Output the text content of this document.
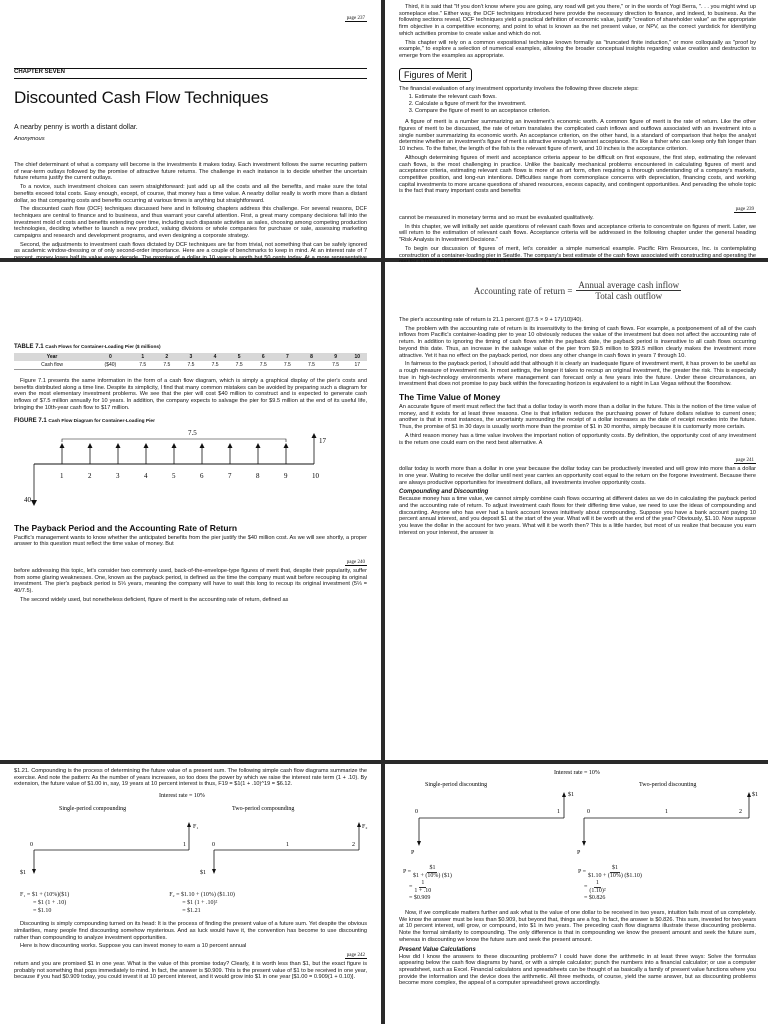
page 237
CHAPTER SEVEN
Discounted Cash Flow Techniques
A nearby penny is worth a distant dollar.
Anonymous

The chief determinant of what a company will become is the investments it makes today. Each investment follows the same recurring pattern of near-term outlays followed by the promise of attractive future returns. The challenge in each instance is to decide whether the uncertain future returns justify the current outlays.

To a novice, such investment choices can seem straightforward: just add up all the costs and all the benefits, and make sure the total benefits exceed total costs. Easy enough, except, of course, that money has a time value. A nearby dollar really is worth more than a distant dollar, so that comparing costs and benefits occurring at various times is anything but straightforward.

The discounted cash flow (DCF) techniques discussed here and in following chapters address this challenge. For several reasons, DCF techniques are central to finance and to business, and thus warrant your careful attention. First, a great many company decisions fall into the investment mold of costs and benefits extending over time, including such disparate activities as sales, choosing among competing production technologies, deciding whether to launch a new product, valuing divisions or whole companies for purchase or sale, assessing marketing campaigns and research and development programs, and even designing a corporate strategy.

Second, the adjustments to investment cash flows dictated by DCF techniques are far from trivial, not something that can be safely ignored as academic window-dressing or of only second-order importance. Here are a couple of benchmarks to keep in mind. At an interest rate of 7 percent, money loses half its value every decade. The promise of a dollar in 10 years is worth but 50 cents today. At a more representative

Third, it is said that "If you don't know where you are going, any road will get you there," or in the words of Yogi Berra, ". . . you might wind up someplace else." Either way, the DCF techniques introduced here provide the necessary direction to finance, and indeed, to business. As the following sections reveal, DCF techniques yield a practical definition of economic value, justify "creation of shareholder value" as the appropriate firm objective in a competitive economy, and point to what is known as the net present value, or NPV, as the correct yardstick for identifying which activities promise to create value and which do not.

This chapter will rely on a common expositional technique known formally as "truncated finite induction," or more colloquially as "proof by example," to explore a selection of numerical examples, allowing the broader conceptual insights regarding value creation and destruction to emerge from the examples as appropriate.

Figures of Merit

The financial evaluation of any investment opportunity involves the following three discrete steps:

1. Estimate the relevant cash flows.
2. Calculate a figure of merit for the investment.
3. Compare the figure of merit to an acceptance criterion.

A figure of merit is a number summarizing an investment's economic worth. A common figure of merit is the rate of return. Like the other figures of merit to be discussed, the rate of return translates the complicated cash inflows and outflows associated with an investment into a single number summarizing its economic worth. An acceptance criterion, on the other hand, is a standard of comparison that helps the analyst determine whether an investment's figure of merit is attractive enough to warrant acceptance. It's like a fisher who can keep only fish longer than 10 inches. To the fisher, the length of the fish is the relevant figure of merit, and 10 inches is the acceptance criterion.

Although determining figures of merit and acceptance criteria appear to be difficult on first exposure, the first step, estimating the relevant cash flows, is the most challenging in practice. Unlike the basically mechanical problems encountered in calculating figures of merit and acceptance criteria, estimating relevant cash flows is more of an art form, often requiring a thorough understanding of a company's markets, competitive position, and long-run intentions. Difficulties range from commonplace concerns with depreciation, financing costs, and working capital investments to more arcane questions of shared resources, excess capacity, and contingent opportunities. And pervading the whole topic is the fact that many important costs and benefits

page 239

cannot be measured in monetary terms and so must be evaluated qualitatively.

In this chapter, we will initially set aside questions of relevant cash flows and acceptance criteria to concentrate on figures of merit. Later, we will return to the estimation of relevant cash flows. Acceptance criteria will be addressed in the following chapter under the general heading "Risk Analysis in Investment Decisions."

To begin our discussion of figures of merit, let's consider a simple numerical example. Pacific Rim Resources, Inc. is contemplating construction of a container-loading pier in Seattle. The company's best estimate of the cash flows associated with constructing and operating the

TABLE 7.1 Cash Flows for Container-Loading Pier ($ millions)
Year	0	1	2	3	4	5	6	7	8	9	10
Cash flow	($40)	7.5	7.5	7.5	7.5	7.5	7.5	7.5	7.5	7.5	17

Figure 7.1 presents the same information in the form of a cash flow diagram, which is simply a graphical display of the pier's costs and benefits distributed along a time line. Despite its simplicity, I find that many common mistakes can be avoided by preparing such a diagram for even the most elementary investment problems. We see that the pier will cost $40 million to construct and is expected to generate cash inflows of $7.5 million annually for 10 years. In addition, the company expects to salvage the pier for $9.5 million at the end of its useful life, bringing the 10th-year cash flow to $17 million.

FIGURE 7.1 Cash Flow Diagram for Container-Loading Pier
40
7.5
17
1	2	3	4	5	6	7	8	9	10
The Payback Period and the Accounting Rate of Return

Pacific's management wants to know whether the anticipated benefits from the pier justify the $40 million cost. As we will see shortly, a proper answer to this question must reflect the time value of money. But

page 240

before addressing this topic, let's consider two commonly used, back-of-the-envelope-type figures of merit that, despite their popularity, suffer from some glaring weaknesses. One, known as the payback period, is defined as the time the company must wait before recouping its original investment. The pier's payback period is 5⅓ years, meaning the company will have to wait this long to recoup its original investment (5⅓ = 40/7.5).

The second widely used, but nonetheless deficient, figure of merit is the accounting rate of return, defined as

Accounting rate of return = $\frac{\text{Annual average cash inflow}}{\text{Total cash outflow}}$

The pier's accounting rate of return is 21.1 percent ([(7.5 × 9 + 17)/10]/40).

The problem with the accounting rate of return is its insensitivity to the timing of cash flows. For example, a postponement of all of the cash inflows from Pacific's container-loading pier to year 10 obviously reduces the value of the investment but does not affect the accounting rate of return. In addition to ignoring the timing of cash flows within the payback date, the payback period is insensitive to all cash flows occurring beyond this date. Thus, an increase in the salvage value of the pier from $9.5 million to $99.5 million clearly makes the investment more attractive. Yet it has no effect on the payback period, nor does any other change in cash flows in years 7 through 10.

In fairness to the payback period, I should add that although it is clearly an inadequate figure of investment merit, it has proven to be useful as a rough measure of investment risk. In most settings, the longer it takes to recoup an original investment, the greater the risk. This is especially true in high-technology environments where management can forecast only a few years into the future. Under these circumstances, an investment that does not promise to pay back within the forecasting horizon is equivalent to a night in Las Vegas without the floorshow.

The Time Value of Money

An accurate figure of merit must reflect the fact that a dollar today is worth more than a dollar in the future. This is the notion of the time value of money, and it exists for at least three reasons. One is that inflation reduces the purchasing power of future dollars relative to current ones; another is that in most instances, the uncertainty surrounding the receipt of a dollar increases as the date of receipt recedes into the future. Thus, the promise of $1 in 30 days is usually worth more than the promise of $1 in 30 months, simply because it is customarily more certain.

A third reason money has a time value involves the important notion of opportunity costs. By definition, the opportunity cost of any investment is the return one could earn on the next best alternative. A

page 241

dollar today is worth more than a dollar in one year because the dollar today can be productively invested and will grow into more than a dollar in one year. Waiting to receive the dollar until next year carries an opportunity cost equal to the return on the forgone investment. Because there are always productive opportunities for investment dollars, all investments involve opportunity costs.

Compounding and Discounting

Because money has a time value, we cannot simply combine cash flows occurring at different dates as we do in calculating the payback period and the accounting rate of return. To adjust investment cash flows for their differing time value, we need to use the ideas of compounding and discounting. Anyone who has ever had a bank account knows intuitively about compounding. Suppose you have a bank account paying 10 percent annual interest, and you deposit $1 at the start of the year. What will it be worth at the end of the year? Obviously, $1.10. Now suppose you leave the dollar in the account for two years. What will it be worth then? This is a little harder, but most of us realize that because you earn interest on your interest, the answer is

$1.21. Compounding is the process of determining the future value of a present sum. The following simple cash flow diagrams summarize the exercise. And note the pattern: As the number of years increases, so too does the power by which we raise the interest rate term (1 + .10). By extension, the future value of $1.00 in, say, 19 years at 10 percent interest is thus, F19 = $1(1 + .10)^19 = $6.12.

Interest rate = 10%
Single-period compounding	Two-period compounding
0	1
F₁
$1
0	1	2
F₂
$1
F₁ = $1 + (10%)($1)
= $1 (1 + .10)
= $1.10
F₂ = $1.10 + (10%) ($1.10)
= $1 (1 + .10)²
= $1.21

Discounting is simply compounding turned on its head: It is the process of finding the present value of a future sum. Yet despite the obvious similarities, many people find discounting somehow mysterious. And as luck would have it, the convention has become to use discounting rather than compounding to analyze investment opportunities.

Here is how discounting works. Suppose you can invest money to earn a 10 percent annual

page 242

return and you are promised $1 in one year. What is the value of this promise today? Clearly, it is worth less than $1, but the exact figure is probably not something that pops immediately to mind. In fact, the answer is $0.909. This is the present value of $1 to be received in one year, because if you had $0.909 today, you could invest it at 10 percent interest, and it would grow into $1 in one year [$1.00 = 0.909(1 + 0.10)].

Interest rate = 10%
Single-period discounting	Two-period discounting
0	1
$1
P
0	1	2
$1
P
$P = \frac{\$1}{\$1 + (10\%) (\$1)}$
= $\frac{1}{1 + .10}$
= $0.909
$P = \frac{\$1}{\$1.10 + (10\%) (\$1.10)}$
= $\frac{1}{\text{(1.10)²}}$
= $0.826

Now, if we complicate matters further and ask what is the value of one dollar to be received in two years, intuition fails most of us completely. We know the answer must be less than $0.909, but beyond that, things are a fog. In fact, the answer is $0.826. This sum, invested for two years at 10 percent interest, will grow, or compound, into $1 in two years. The preceding cash flow diagrams illustrate these discounting problems. Note the formal similarity to compounding. The only difference is that in compounding we know the present amount and seek the future sum, whereas in discounting we know the future sum and seek the present amount.

Present Value Calculations

How did I know the answers to these discounting problems? I could have done the arithmetic in at least three ways: Solve the formulas appearing below the cash flow diagrams by hand, or with a simple calculator; punch the numbers into a financial calculator; or use a computer spreadsheet, such as Excel. Financial calculators and spreadsheets can be thought of as basically a family of present value functions where you provide the information and the device does the arithmetic. All three methods, of course, yield the same answer, but as discounting problems become more complex, the appeal of a computer spreadsheet grows accordingly.
